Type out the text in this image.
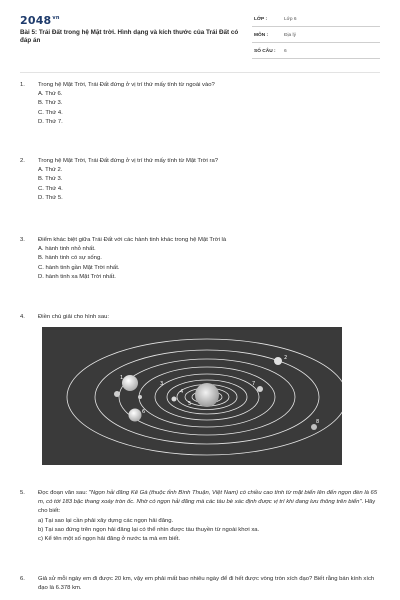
$2048^{vn}$
Bài 5: Trái Đất trong hệ Mặt trời. Hình dạng và kích thước của Trái Đất có đáp án
LỚP :	Lớp 6
MÔN :	Địa lý
SỐ CÂU : 6
1. Trong hệ Mặt Trời, Trái Đất đứng ở vị trí thứ mấy tính từ ngoài vào?
A. Thứ 6.
B. Thứ 3.
C. Thứ 4.
D. Thứ 7.
2. Trong hệ Mặt Trời, Trái Đất đứng ở vị trí thứ mấy tính từ Mặt Trời ra?
A. Thứ 2.
B. Thứ 3.
C. Thứ 4.
D. Thứ 5.
3. Điểm khác biệt giữa Trái Đất với các hành tinh khác trong hệ Mặt Trời là
A. hành tinh nhỏ nhất.
B. hành tinh có sự sống.
C. hành tinh gần Mặt Trời nhất.
D. hành tinh xa Mặt Trời nhất.
4. Điền chú giải cho hình sau:
1
2
3
4
5
6
7
8
5. Đọc đoạn văn sau: "Ngọn hải đăng Kê Gà (thuộc tỉnh Bình Thuận, Việt Nam) có chiều cao tính từ mặt biển lên đến ngọn đèn là 65 m, có tới 183 bậc thang xoáy tròn ốc. Nhờ có ngọn hải đăng mà các tàu bè xác định được vị trí khi đang lưu thông trên biển". Hãy cho biết:
a) Tại sao lại cần phải xây dựng các ngọn hải đăng.
b) Tại sao đứng trên ngọn hải đăng lại có thể nhìn được tàu thuyền từ ngoài khơi xa.
c) Kể tên một số ngọn hải đăng ở nước ta mà em biết.
6. Giả sử mỗi ngày em đi được 20 km, vậy em phải mất bao nhiêu ngày để đi hết được vòng tròn xích đạo? Biết rằng bán kính xích đạo là 6.378 km.
